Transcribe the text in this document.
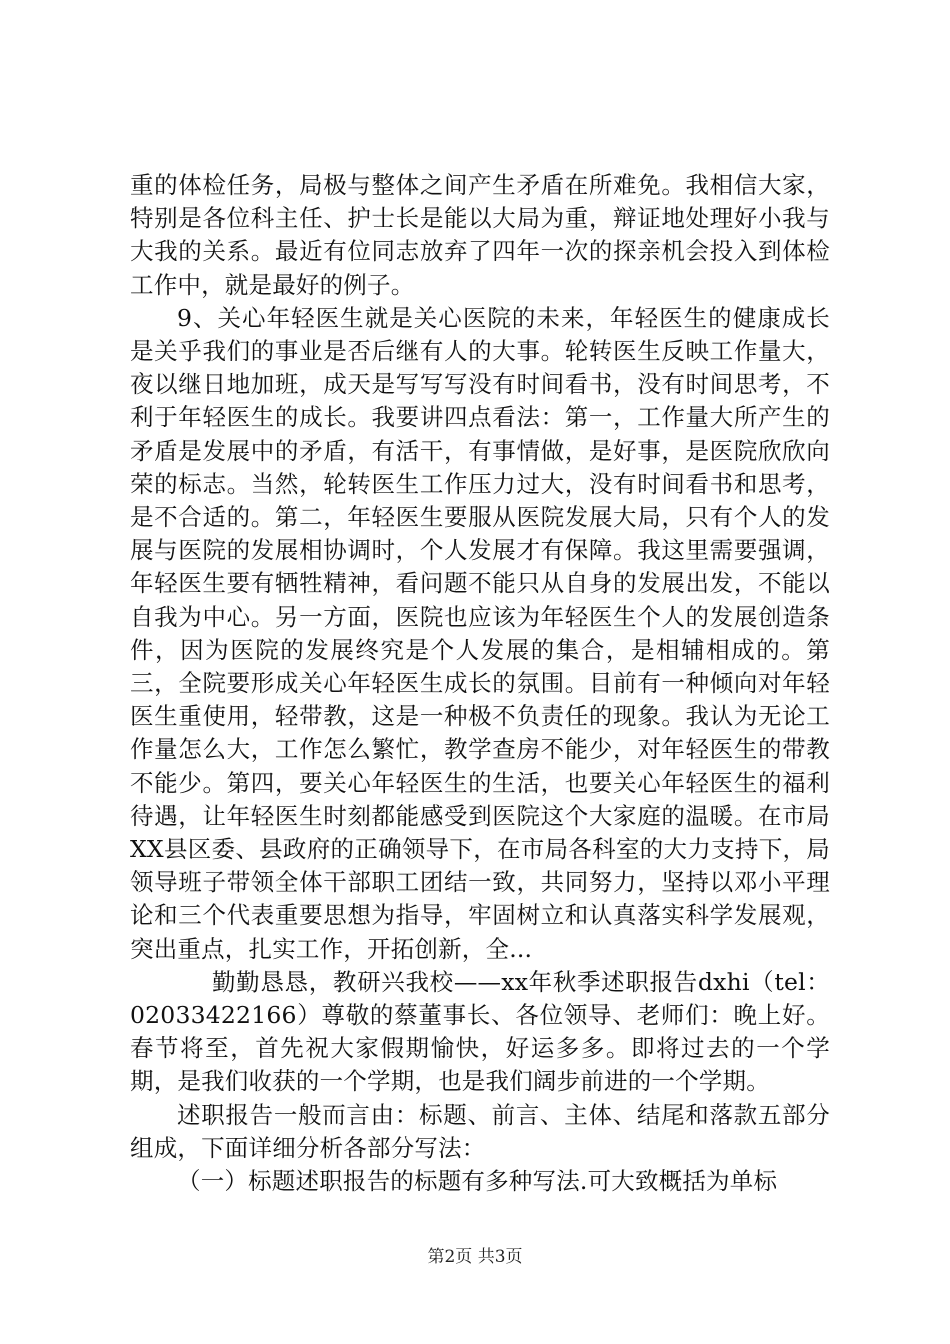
重的体检任务，局极与整体之间产生矛盾在所难免。我相信大家，特别是各位科主任、护士长是能以大局为重，辩证地处理好小我与大我的关系。最近有位同志放弃了四年一次的探亲机会投入到体检工作中，就是最好的例子。

9、关心年轻医生就是关心医院的未来，年轻医生的健康成长是关乎我们的事业是否后继有人的大事。轮转医生反映工作量大，夜以继日地加班，成天是写写写没有时间看书，没有时间思考，不利于年轻医生的成长。我要讲四点看法：第一，工作量大所产生的矛盾是发展中的矛盾，有活干，有事情做，是好事，是医院欣欣向荣的标志。当然，轮转医生工作压力过大，没有时间看书和思考，是不合适的。第二，年轻医生要服从医院发展大局，只有个人的发展与医院的发展相协调时，个人发展才有保障。我这里需要强调，年轻医生要有牺牲精神，看问题不能只从自身的发展出发，不能以自我为中心。另一方面，医院也应该为年轻医生个人的发展创造条件，因为医院的发展终究是个人发展的集合，是相辅相成的。第三，全院要形成关心年轻医生成长的氛围。目前有一种倾向对年轻医生重使用，轻带教，这是一种极不负责任的现象。我认为无论工作量怎么大，工作怎么繁忙，教学查房不能少，对年轻医生的带教不能少。第四，要关心年轻医生的生活，也要关心年轻医生的福利待遇，让年轻医生时刻都能感受到医院这个大家庭的温暖。在市局XX县区委、县政府的正确领导下，在市局各科室的大力支持下，局领导班子带领全体干部职工团结一致，共同努力，坚持以邓小平理论和三个代表重要思想为指导，牢固树立和认真落实科学发展观，突出重点，扎实工作，开拓创新，全...

勤勤恳恳，教研兴我校——xx年秋季述职报告dxhi（tel：02033422166）尊敬的蔡董事长、各位领导、老师们：晚上好。春节将至，首先祝大家假期愉快，好运多多。即将过去的一个学期，是我们收获的一个学期，也是我们阔步前进的一个学期。

述职报告一般而言由：标题、前言、主体、结尾和落款五部分组成，下面详细分析各部分写法：

（一）标题述职报告的标题有多种写法.可大致概括为单标

第2页 共3页
